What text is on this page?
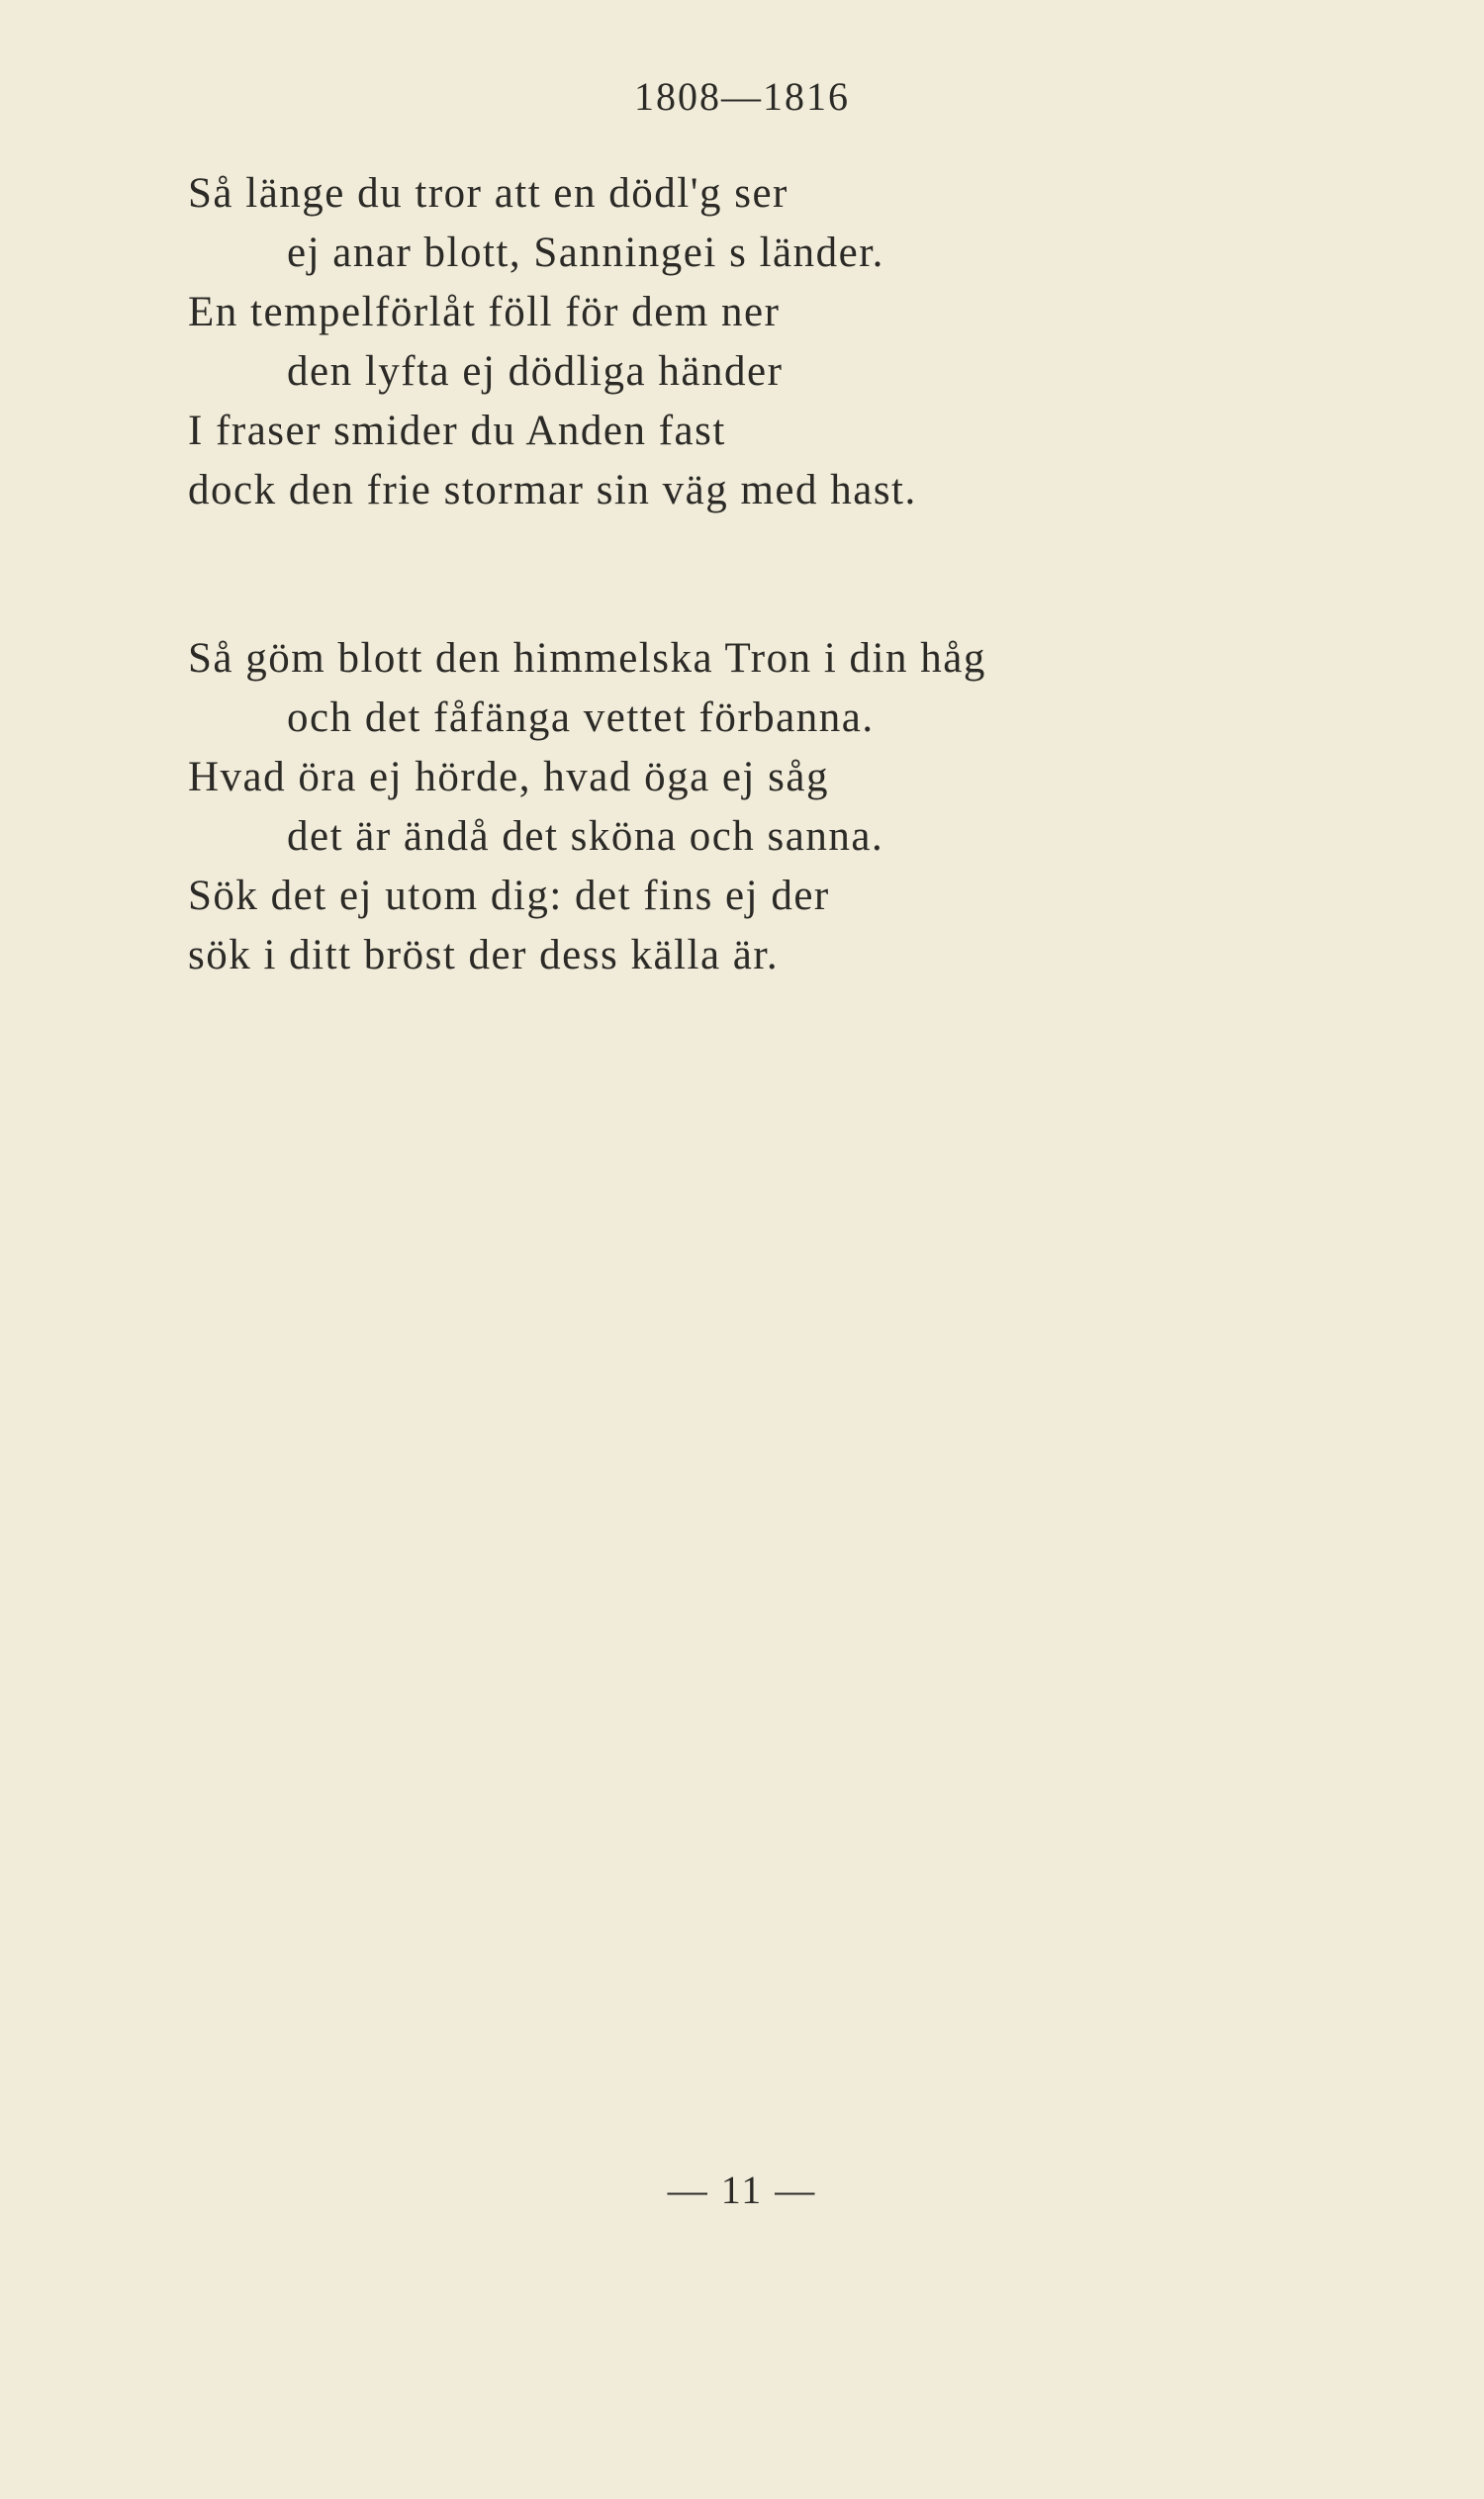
1808—1816
Så länge du tror att en dödl'g ser
ej anar blott, Sanningei s länder.
En tempelförlåt föll för dem ner
den lyfta ej dödliga händer
I fraser smider du Anden fast
dock den frie stormar sin väg med hast.
Så göm blott den himmelska Tron i din håg
och det fåfänga vettet förbanna.
Hvad öra ej hörde, hvad öga ej såg
det är ändå det sköna och sanna.
Sök det ej utom dig: det fins ej der
sök i ditt bröst der dess källa är.
— 11 —
